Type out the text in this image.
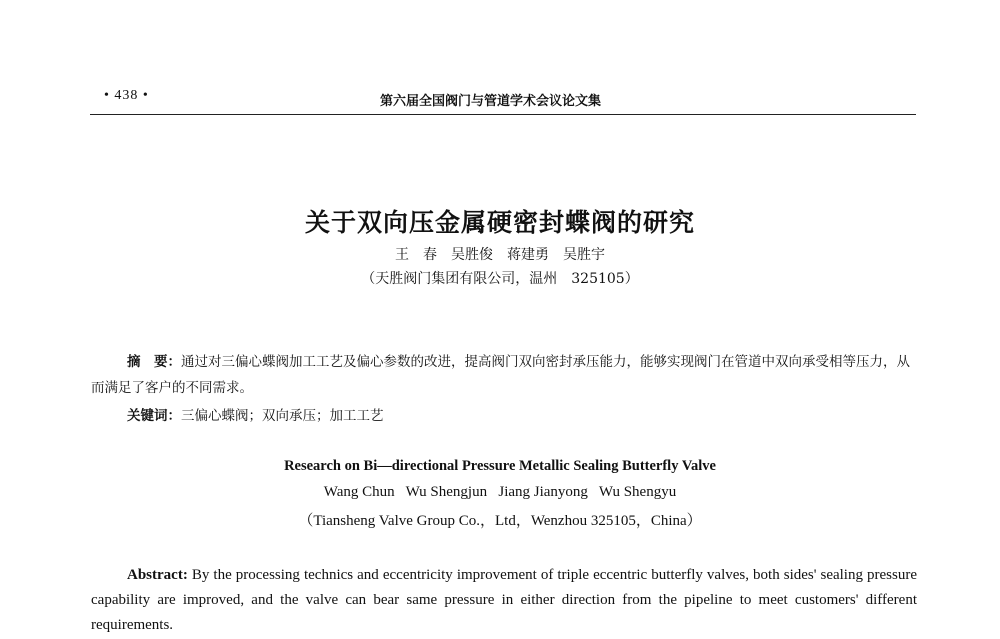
• 438 •	第六届全国阀门与管道学术会议论文集
关于双向压金属硬密封蝶阀的研究
王　春　吴胜俊　蒋建勇　吴胜宇
（天胜阀门集团有限公司，温州　325105）
摘　要：通过对三偏心蝶阀加工工艺及偏心参数的改进，提高阀门双向密封承压能力，能够实现阀门在管道中双向承受相等压力，从而满足了客户的不同需求。
关键词：三偏心蝶阀；双向承压；加工工艺
Research on Bi—directional Pressure Metallic Sealing Butterfly Valve
Wang Chun   Wu Shengjun   Jiang Jianyong   Wu Shengyu
（Tiansheng Valve Group Co.，Ltd，Wenzhou 325105，China）
Abstract: By the processing technics and eccentricity improvement of triple eccentric butterfly valves, both sides' sealing pressure capability are improved, and the valve can bear same pressure in either direction from the pipeline to meet customers' different requirements.
